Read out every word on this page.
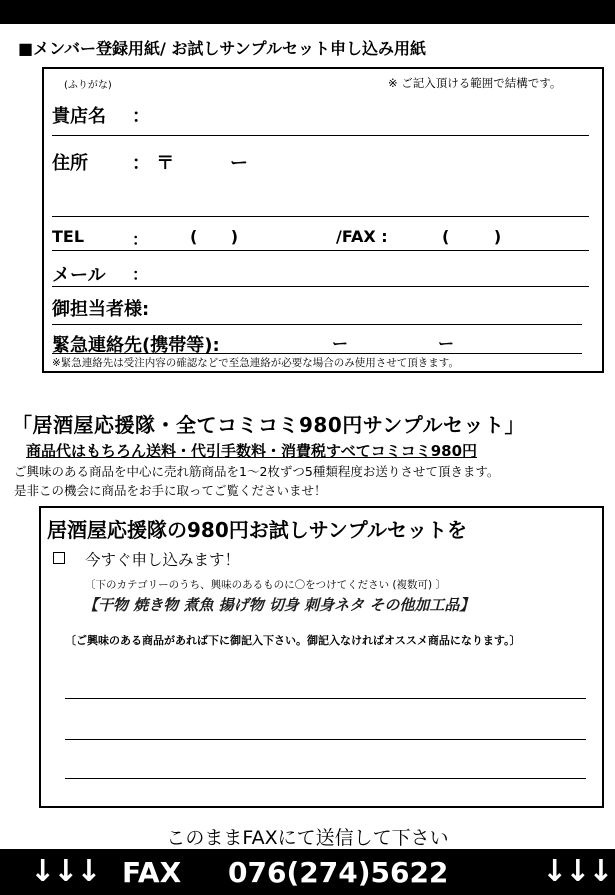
■メンバー登録用紙/ お試しサンプルセット申し込み用紙
(ふりがな)	※ ご記入頂ける範囲で結構です。
貴店名 ：
住所 ： 〒	ー
TEL	：	(      )	/FAX :	(        )
メール ：
御担当者様:
緊急連絡先(携帯等):	ー	ー
※緊急連絡先は受注内容の確認などで至急連絡が必要な場合のみ使用させて頂きます。
「居酒屋応援隊・全てコミコミ980円サンプルセット」
商品代はもちろん送料・代引手数料・消費税すべてコミコミ980円
ご興味のある商品を中心に売れ筋商品を1～2枚ずつ5種類程度お送りさせて頂きます。
是非この機会に商品をお手に取ってご覧くださいませ！
居酒屋応援隊の980円お試しサンプルセットを
今すぐ申し込みます！
〔下のカテゴリーのうち、興味のあるものに〇をつけてください (複数可) 〕
【干物 焼き物 煮魚 揚げ物 切身 刺身ネタ その他加工品】
〔ご興味のある商品があれば下に御記入下さい。御記入なければオススメ商品になります。〕
このままFAXにて送信して下さい
↓↓↓ FAX 076(274)5622	↓↓↓
